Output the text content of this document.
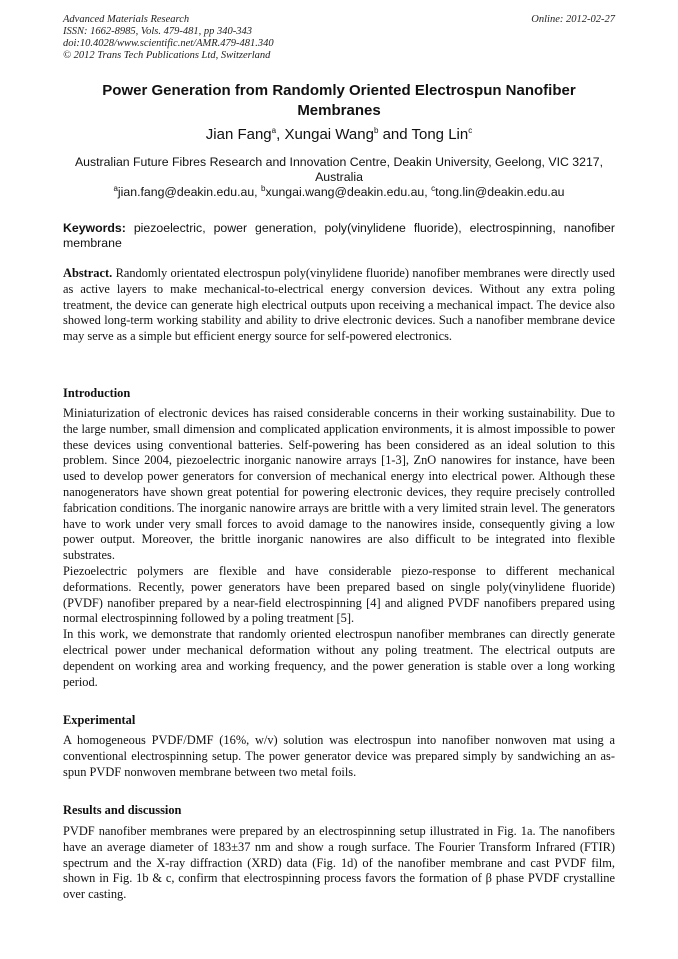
Advanced Materials Research
ISSN: 1662-8985, Vols. 479-481, pp 340-343
doi:10.4028/www.scientific.net/AMR.479-481.340
© 2012 Trans Tech Publications Ltd, Switzerland
Online: 2012-02-27
Power Generation from Randomly Oriented Electrospun Nanofiber Membranes
Jian Fang$^a$, Xungai Wang$^b$ and Tong Lin$^c$
Australian Future Fibres Research and Innovation Centre, Deakin University, Geelong, VIC 3217, Australia
$^a$jian.fang@deakin.edu.au, $^b$xungai.wang@deakin.edu.au, $^c$tong.lin@deakin.edu.au
Keywords: piezoelectric, power generation, poly(vinylidene fluoride), electrospinning, nanofiber membrane
Abstract. Randomly orientated electrospun poly(vinylidene fluoride) nanofiber membranes were directly used as active layers to make mechanical-to-electrical energy conversion devices. Without any extra poling treatment, the device can generate high electrical outputs upon receiving a mechanical impact. The device also showed long-term working stability and ability to drive electronic devices. Such a nanofiber membrane device may serve as a simple but efficient energy source for self-powered electronics.
Introduction

Miniaturization of electronic devices has raised considerable concerns in their working sustainability. Due to the large number, small dimension and complicated application environments, it is almost impossible to power these devices using conventional batteries. Self-powering has been considered as an ideal solution to this problem. Since 2004, piezoelectric inorganic nanowire arrays [1-3], ZnO nanowires for instance, have been used to develop power generators for conversion of mechanical energy into electrical power. Although these nanogenerators have shown great potential for powering electronic devices, they require precisely controlled fabrication conditions. The inorganic nanowire arrays are brittle with a very limited strain level. The generators have to work under very small forces to avoid damage to the nanowires inside, consequently giving a low power output. Moreover, the brittle inorganic nanowires are also difficult to be integrated into flexible substrates.

Piezoelectric polymers are flexible and have considerable piezo-response to different mechanical deformations. Recently, power generators have been prepared based on single poly(vinylidene fluoride) (PVDF) nanofiber prepared by a near-field electrospinning [4] and aligned PVDF nanofibers prepared using normal electrospinning followed by a poling treatment [5].

In this work, we demonstrate that randomly oriented electrospun nanofiber membranes can directly generate electrical power under mechanical deformation without any poling treatment. The electrical outputs are dependent on working area and working frequency, and the power generation is stable over a long working period.

Experimental

A homogeneous PVDF/DMF (16%, w/v) solution was electrospun into nanofiber nonwoven mat using a conventional electrospinning setup. The power generator device was prepared simply by sandwiching an as-spun PVDF nonwoven membrane between two metal foils.

Results and discussion

PVDF nanofiber membranes were prepared by an electrospinning setup illustrated in Fig. 1a. The nanofibers have an average diameter of 183±37 nm and show a rough surface. The Fourier Transform Infrared (FTIR) spectrum and the X-ray diffraction (XRD) data (Fig. 1d) of the nanofiber membrane and cast PVDF film, shown in Fig. 1b & c, confirm that electrospinning process favors the formation of β phase PVDF crystalline over casting.
